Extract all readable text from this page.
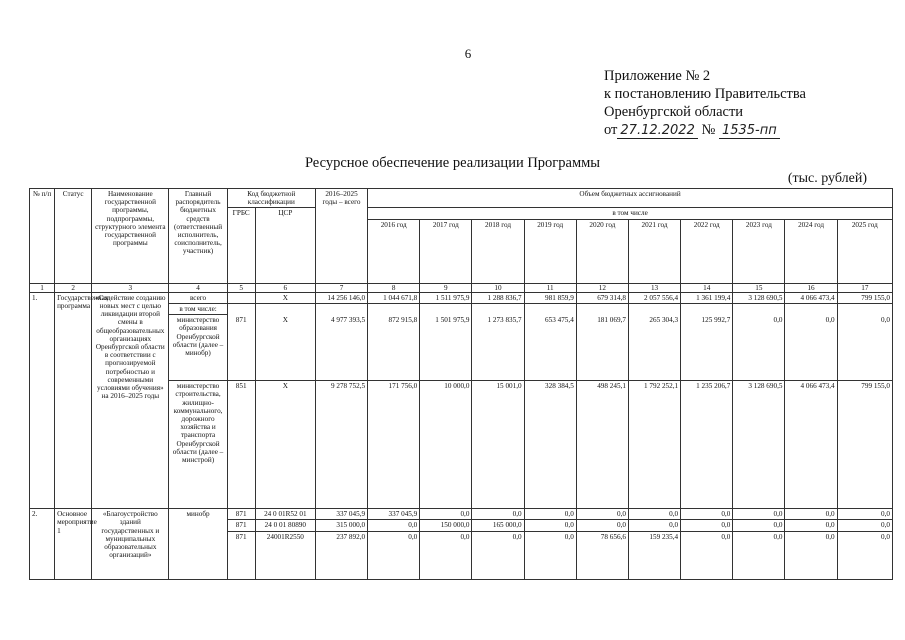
6
Приложение № 2
к постановлению Правительства
Оренбургской области
от 27.12.2022 № 1535-пп
Ресурсное обеспечение реализации Программы
(тыс. рублей)
№ п/п	Статус	Наименование государственной программы, подпрограммы, структурного элемента государственной программы	Главный распорядитель бюджетных средств (ответственный исполнитель, соисполнитель, участник)	Код бюджетной классификации		2016–2025 годы – всего	Объем бюджетных ассигнований									
				ГРБС	ЦСР		в том числе									
							2016 год	2017 год	2018 год	2019 год	2020 год	2021 год	2022 год	2023 год	2024 год	2025 год
1	2	3	4	5	6	7	8	9	10	11	12	13	14	15	16	17
1.	Государственная программа	«Содействие созданию новых мест с целью ликвидации второй смены в общеобразовательных организациях Оренбургской области в соответствии с прогнозируемой потребностью и современными условиями обучения» на 2016–2025 годы	всего		Х	14 256 146,0	1 044 671,8	1 511 975,9	1 288 836,7	981 859,9	679 314,8	2 057 556,4	1 361 199,4	3 128 690,5	4 066 473,4	799 155,0
			в том числе:													
			министерство образования Оренбургской области (далее – минобр)	871	Х	4 977 393,5	872 915,8	1 501 975,9	1 273 835,7	653 475,4	181 069,7	265 304,3	125 992,7	0,0	0,0	0,0
			министерство строительства, жилищно-коммунального, дорожного хозяйства и транспорта Оренбургской области (далее – минстрой)	851	Х	9 278 752,5	171 756,0	10 000,0	15 001,0	328 384,5	498 245,1	1 792 252,1	1 235 206,7	3 128 690,5	4 066 473,4	799 155,0
2.	Основное мероприятие 1	«Благоустройство зданий государственных и муниципальных образовательных организаций»	минобр	871	24 0 01R52 01	337 045,9	337 045,9	0,0	0,0	0,0	0,0	0,0	0,0	0,0	0,0	0,0
				871	24 0 01 80890	315 000,0	0,0	150 000,0	165 000,0	0,0	0,0	0,0	0,0	0,0	0,0	0,0
				871	24001R2550	237 892,0	0,0	0,0	0,0	0,0	78 656,6	159 235,4	0,0	0,0	0,0	0,0
